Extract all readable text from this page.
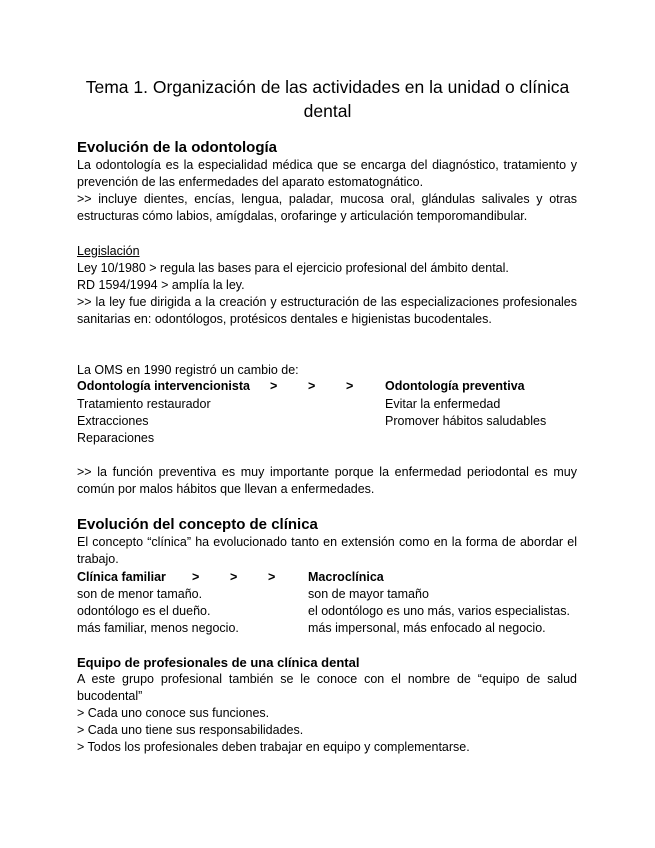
Tema 1. Organización de las actividades en la unidad o clínica dental
Evolución de la odontología

La odontología es la especialidad médica que se encarga del diagnóstico, tratamiento y prevención de las enfermedades del aparato estomatognático.

>> incluye dientes, encías, lengua, paladar, mucosa oral, glándulas salivales y otras estructuras cómo labios, amígdalas, orofaringe y articulación temporomandibular.

Legislación

Ley 10/1980 > regula las bases para el ejercicio profesional del ámbito dental.

RD 1594/1994 > amplía la ley.

>> la ley fue dirigida a la creación y estructuración de las especializaciones profesionales sanitarias en: odontólogos, protésicos dentales e higienistas bucodentales.

La OMS en 1990 registró un cambio de:

Odontología intervencionista > > >	Odontología preventiva
Tratamiento restaurador
Extracciones
Reparaciones
Evitar la enfermedad
Promover hábitos saludables

>> la función preventiva es muy importante porque la enfermedad periodontal es muy común por malos hábitos que llevan a enfermedades.

Evolución del concepto de clínica

El concepto “clínica” ha evolucionado tanto en extensión como en la forma de abordar el trabajo.

Clínica familiar > > >	Macroclínica
son de menor tamaño.
odontólogo es el dueño.
más familiar, menos negocio.
son de mayor tamaño
el odontólogo es uno más, varios especialistas.
más impersonal, más enfocado al negocio.
Equipo de profesionales de una clínica dental

A este grupo profesional también se le conoce con el nombre de “equipo de salud bucodental”

> Cada uno conoce sus funciones.
> Cada uno tiene sus responsabilidades.
> Todos los profesionales deben trabajar en equipo y complementarse.
